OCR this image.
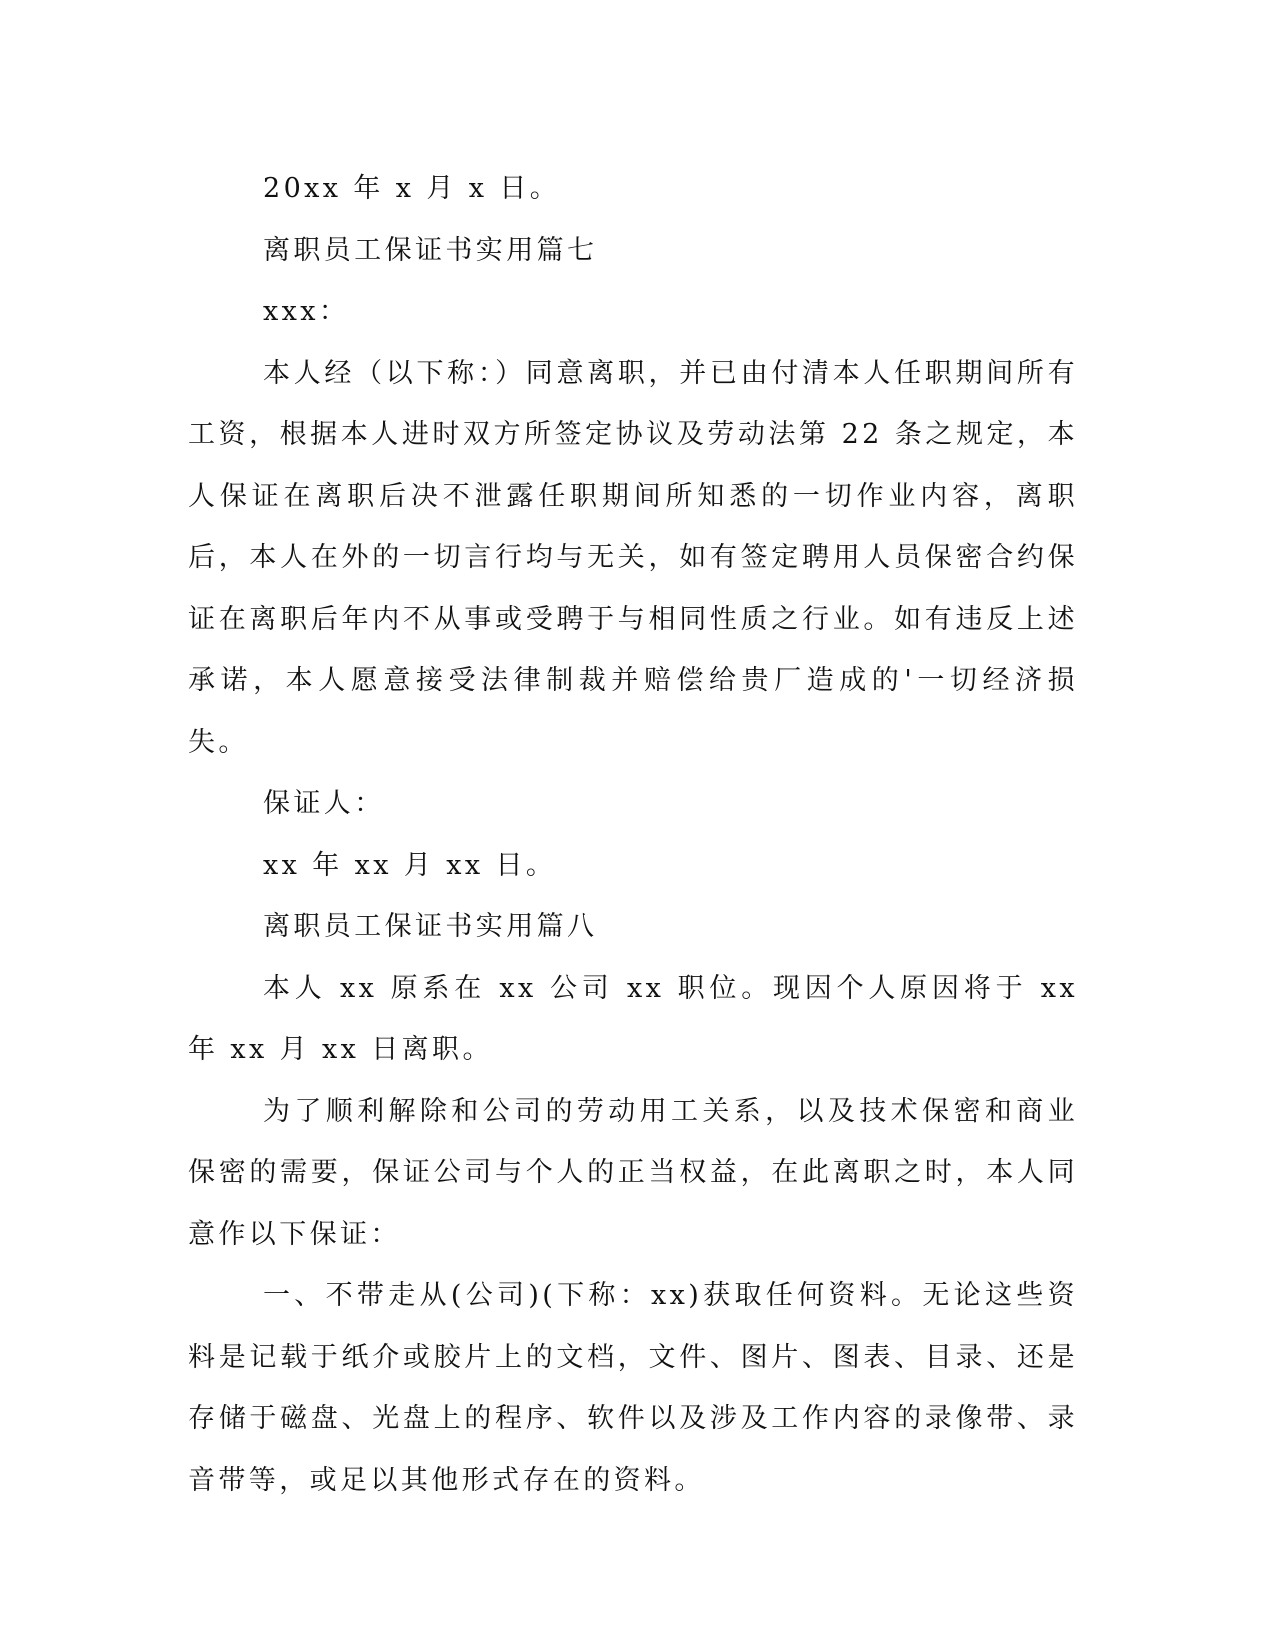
20xx 年 x 月 x 日。

离职员工保证书实用篇七

xxx：

本人经（以下称：）同意离职，并已由付清本人任职期间所有工资，根据本人进时双方所签定协议及劳动法第 22 条之规定，本人保证在离职后决不泄露任职期间所知悉的一切作业内容，离职后，本人在外的一切言行均与无关，如有签定聘用人员保密合约保证在离职后年内不从事或受聘于与相同性质之行业。如有违反上述承诺，本人愿意接受法律制裁并赔偿给贵厂造成的'一切经济损失。

保证人：

xx 年 xx 月 xx 日。

离职员工保证书实用篇八

本人 xx 原系在 xx 公司 xx 职位。现因个人原因将于 xx 年 xx 月 xx 日离职。

为了顺利解除和公司的劳动用工关系，以及技术保密和商业保密的需要，保证公司与个人的正当权益，在此离职之时，本人同意作以下保证：

一、不带走从(公司)(下称：xx)获取任何资料。无论这些资料是记载于纸介或胶片上的文档，文件、图片、图表、目录、还是存储于磁盘、光盘上的程序、软件以及涉及工作内容的录像带、录音带等，或足以其他形式存在的资料。
